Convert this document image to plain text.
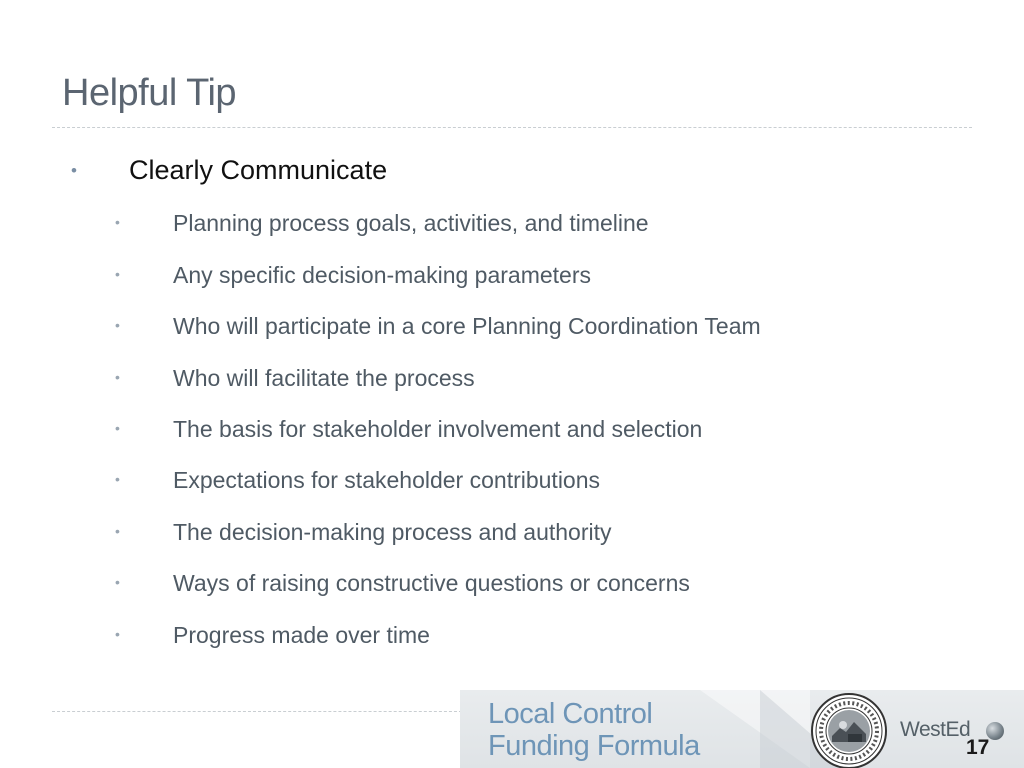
Helpful Tip
• Clearly Communicate
• Planning process goals, activities, and timeline
• Any specific decision-making parameters
• Who will participate in a core Planning Coordination Team
• Who will facilitate the process
• The basis for stakeholder involvement and selection
• Expectations for stakeholder contributions
• The decision-making process and authority
• Ways of raising constructive questions or concerns
• Progress made over time
Local Control
Funding Formula
WestEd
17
